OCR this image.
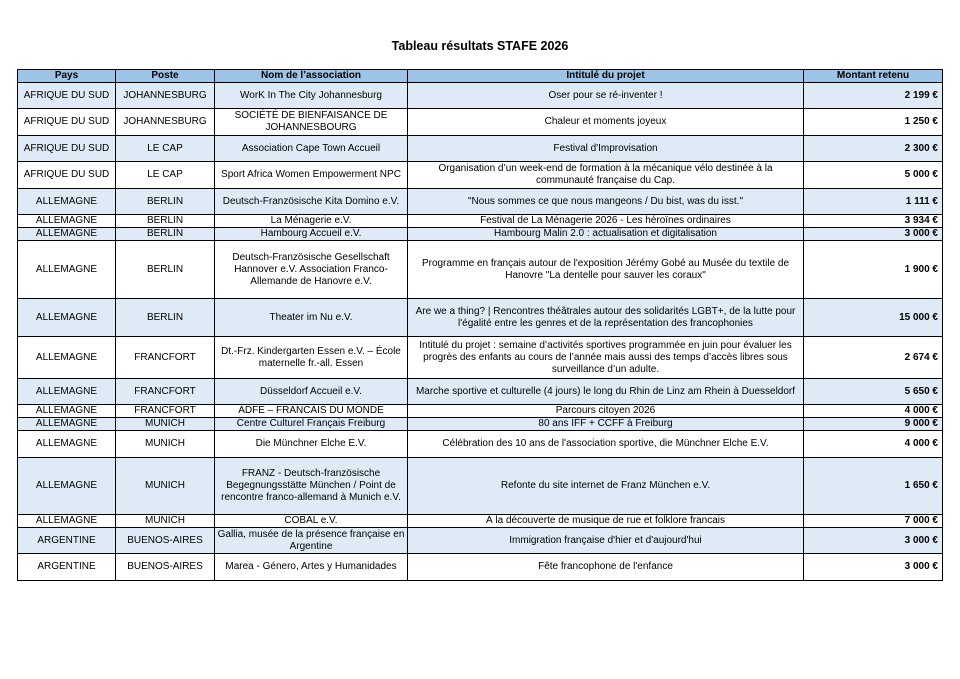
Tableau résultats STAFE 2026
Pays	Poste	Nom de l’association	Intitulé du projet	Montant retenu
AFRIQUE DU SUD	JOHANNESBURG	WorK In The City Johannesburg	Oser pour se ré-inventer !	2 199 €
AFRIQUE DU SUD	JOHANNESBURG	SOCIÉTÉ DE BIENFAISANCE DE JOHANNESBOURG	Chaleur et moments joyeux	1 250 €
AFRIQUE DU SUD	LE CAP	Association Cape Town Accueil	Festival d'Improvisation	2 300 €
AFRIQUE DU SUD	LE CAP	Sport Africa Women Empowerment NPC	Organisation d’un week-end de formation à la mécanique vélo destinée à la communauté française du Cap.	5 000 €
ALLEMAGNE	BERLIN	Deutsch-Französische Kita Domino e.V.	"Nous sommes ce que nous mangeons / Du bist, was du isst."	1 111 €
ALLEMAGNE	BERLIN	La Ménagerie e.V.	Festival de La Ménagerie 2026 - Les héroïnes ordinaires	3 934 €
ALLEMAGNE	BERLIN	Hambourg Accueil e.V.	Hambourg Malin 2.0 : actualisation et digitalisation	3 000 €
ALLEMAGNE	BERLIN	Deutsch-Französische Gesellschaft Hannover e.V. Association Franco-Allemande de Hanovre e.V.	Programme en français autour de l'exposition Jérémy Gobé au Musée du textile de Hanovre "La dentelle pour sauver les coraux"	1 900 €
ALLEMAGNE	BERLIN	Theater im Nu e.V.	Are we a thing? | Rencontres théâtrales autour des solidarités LGBT+, de la lutte pour l'égalité entre les genres et de la représentation des francophonies	15 000 €
ALLEMAGNE	FRANCFORT	Dt.-Frz. Kindergarten Essen e.V. – École maternelle fr.-all. Essen	Intitulé du projet : semaine d’activités sportives programmée en juin pour évaluer les progrès des enfants au cours de l’année mais aussi des temps d’accès libres sous surveillance d’un adulte.	2 674 €
ALLEMAGNE	FRANCFORT	Düsseldorf Accueil e.V.	Marche sportive et culturelle (4 jours) le long du Rhin de Linz am Rhein à Duesseldorf	5 650 €
ALLEMAGNE	FRANCFORT	ADFE – FRANCAIS DU MONDE	Parcours citoyen 2026	4 000 €
ALLEMAGNE	MUNICH	Centre Culturel Français Freiburg	80 ans IFF + CCFF à Freiburg	9 000 €
ALLEMAGNE	MUNICH	Die Münchner Elche E.V.	Célébration des 10 ans de l'association sportive, die Münchner Elche E.V.	4 000 €
ALLEMAGNE	MUNICH	FRANZ - Deutsch-französische Begegnungsstätte München / Point de rencontre franco-allemand à Munich e.V.	Refonte du site internet de Franz München e.V.	1 650 €
ALLEMAGNE	MUNICH	COBAL e.V.	À la découverte de musique de rue et folklore francais	7 000 €
ARGENTINE	BUENOS-AIRES	Gallia, musée de la présence française en Argentine	Immigration française d'hier et d'aujourd'hui	3 000 €
ARGENTINE	BUENOS-AIRES	Marea - Género, Artes y Humanidades	Fête francophone de l'enfance	3 000 €
